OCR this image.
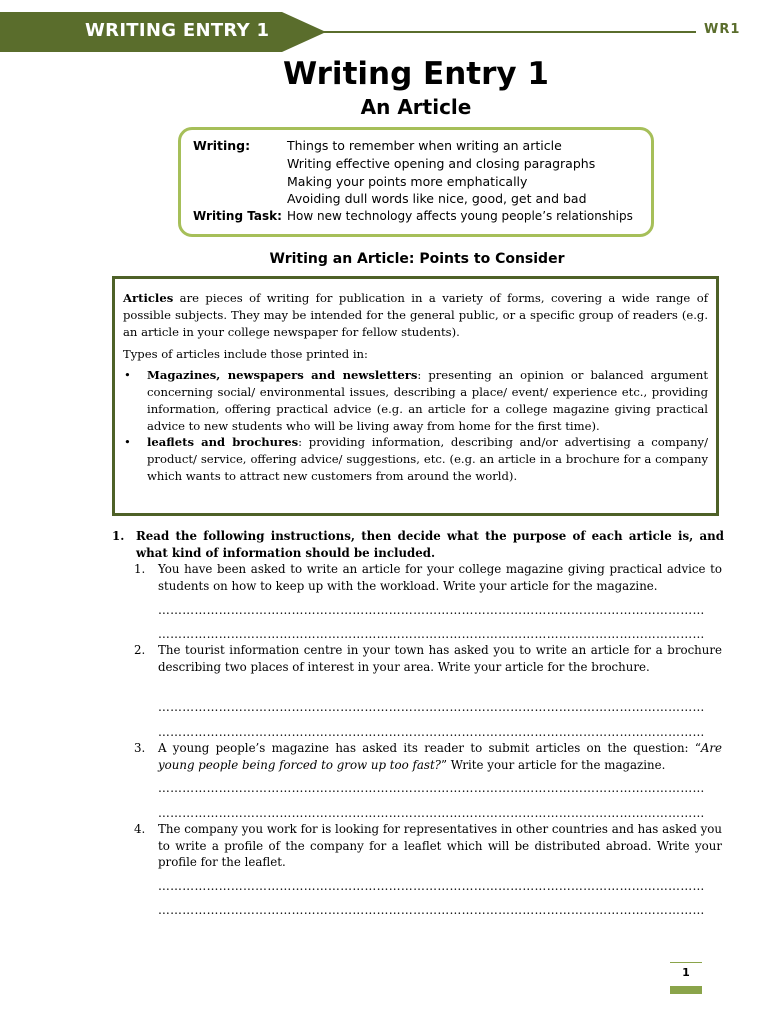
WRITING ENTRY 1	WR1
Writing Entry 1
An Article
Writing:	Things to remember when writing an article
Writing effective opening and closing paragraphs
Making your points more emphatically
Avoiding dull words like nice, good, get and bad
Writing Task: How new technology affects young people’s relationships
Writing an Article: Points to Consider

Articles are pieces of writing for publication in a variety of forms, covering a wide range of possible subjects. They may be intended for the general public, or a specific group of readers (e.g. an article in your college newspaper for fellow students).

Types of articles include those printed in:

• Magazines, newspapers and newsletters: presenting an opinion or balanced argument concerning social/ environmental issues, describing a place/ event/ experience etc., providing information, offering practical advice (e.g. an article for a college magazine giving practical advice to new students who will be living away from home for the first time).
• leaflets and brochures: providing information, describing and/or advertising a company/ product/ service, offering advice/ suggestions, etc. (e.g. an article in a brochure for a company which wants to attract new customers from around the world).
1. Read the following instructions, then decide what the purpose of each article is, and what kind of information should be included.
1.	You have been asked to write an article for your college magazine giving practical advice to students on how to keep up with the workload. Write your article for the magazine.
………………………………………………………………………………………………………………………
………………………………………………………………………………………………………………………
2.	The tourist information centre in your town has asked you to write an article for a brochure describing two places of interest in your area. Write your article for the brochure.
………………………………………………………………………………………………………………………
………………………………………………………………………………………………………………………
3.	A young people’s magazine has asked its reader to submit articles on the question: “Are young people being forced to grow up too fast?” Write your article for the magazine.
………………………………………………………………………………………………………………………
………………………………………………………………………………………………………………………
4.	The company you work for is looking for representatives in other countries and has asked you to write a profile of the company for a leaflet which will be distributed abroad. Write your profile for the leaflet.
………………………………………………………………………………………………………………………
………………………………………………………………………………………………………………………
1
